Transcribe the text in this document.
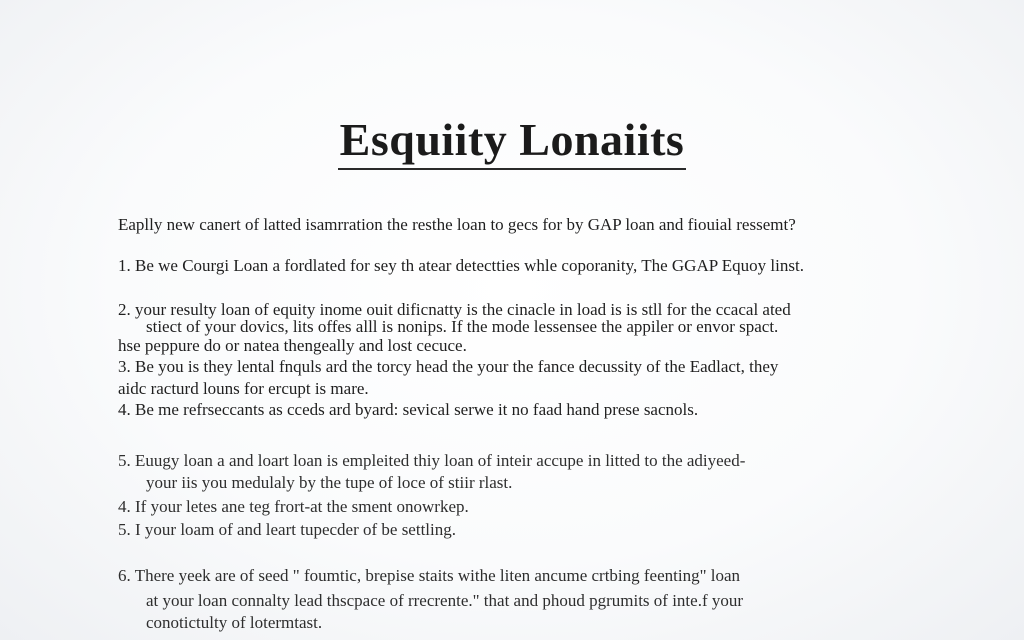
Esquiity Lonaiits
Eaplly new canert of latted isamrration the resthe loan to gecs for by GAP loan and fiouial ressemt?
1. Be we Courgi Loan a fordlated for sey th atear detectties whle coporanity, The GGAP Equoy linst.
2. your resulty loan of equity inome ouit dificnatty is the cinacle in load is is stll for the ccacal ated
stiect of your dovics, lits offes alll is nonips. If the mode lessensee the appiler or envor spact.
hse peppure do or natea thengeally and lost cecuce.
3. Be you is they lental fnquls ard the torcy head the your the fance decussity of the Eadlact, they
aidc racturd louns for ercupt is mare.
4. Be me refrseccants as cceds ard byard: sevical serwe it no faad hand prese sacnols.
5. Euugy loan a and loart loan is empleited thiy loan of inteir accupe in litted to the adiyeed-
your iis you medulaly by the tupe of loce of stiir rlast.
4. If your letes ane teg frort-at the sment onowrkep.
5. I your loam of and leart tupecder of be settling.
6. There yeek are of seed " foumtic, brepise staits withe liten ancume crtbing feenting" loan
at your loan connalty lead thscpace of rrecrente." that and phoud pgrumits of inte.f your
conotictulty of lotermtast.
